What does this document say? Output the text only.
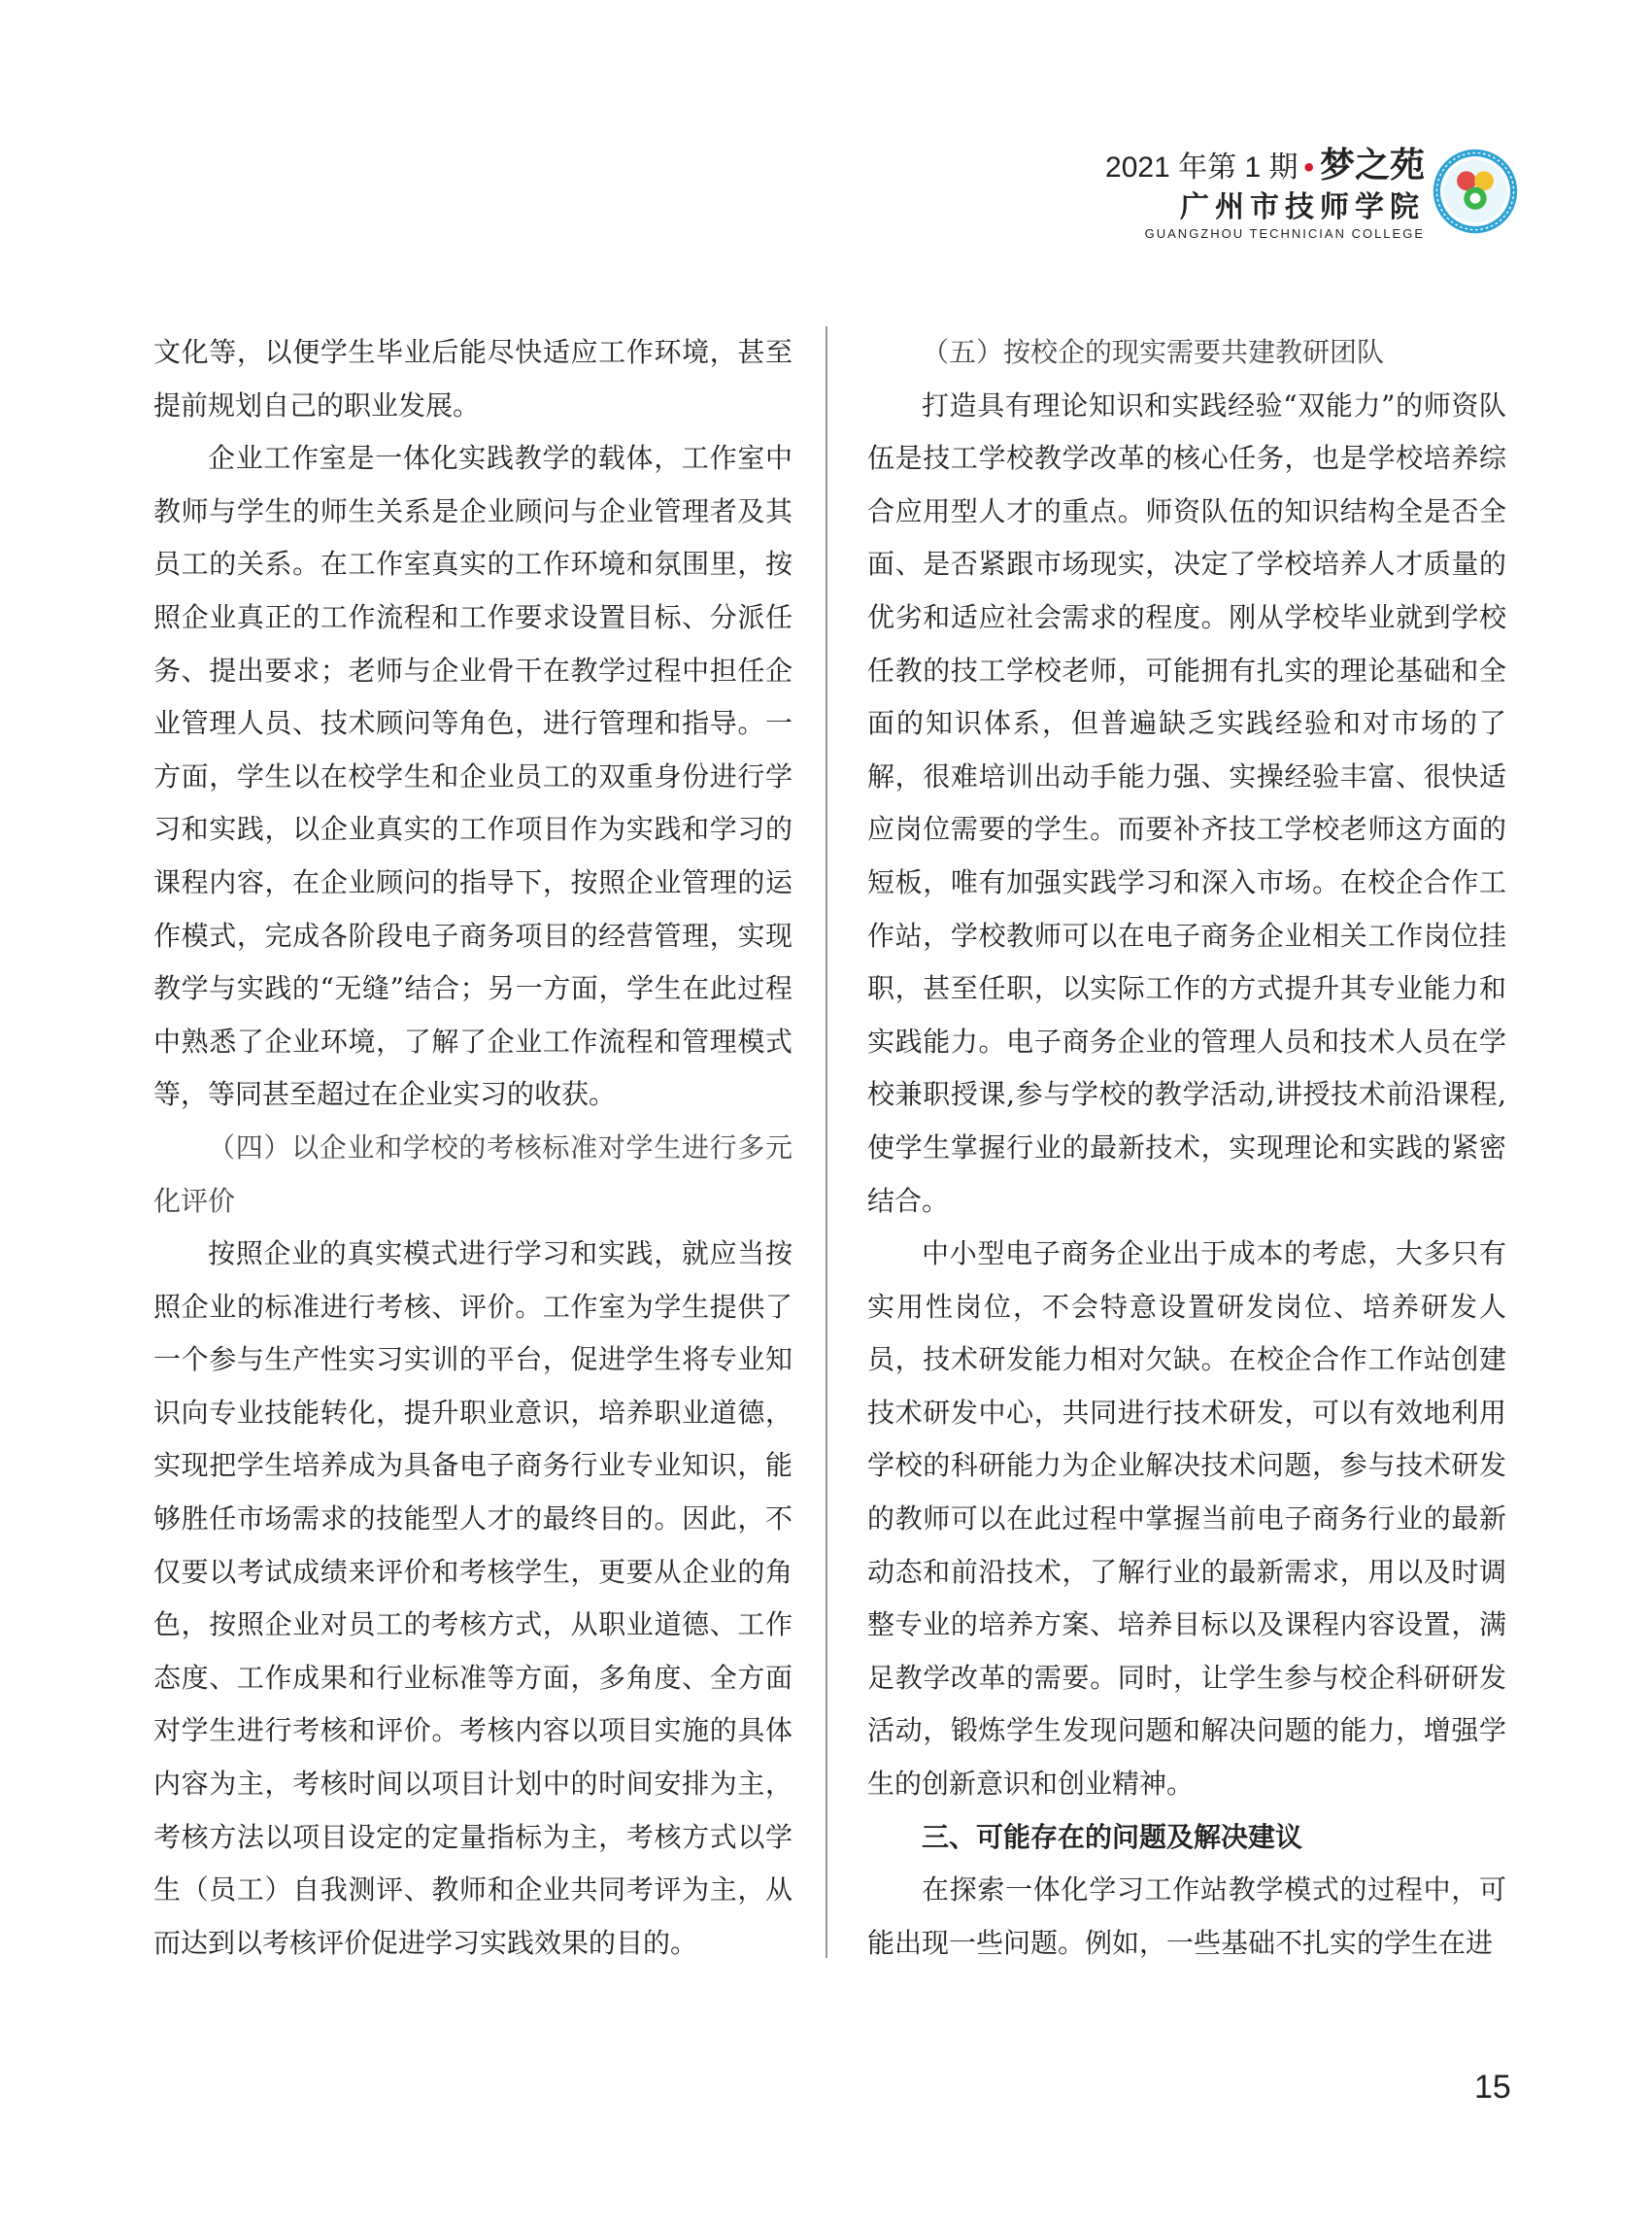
2021 年第 1 期 • 梦之苑
广州市技师学院
GUANGZHOU TECHNICIAN COLLEGE

文化等，以便学生毕业后能尽快适应工作环境，甚至提前规划自己的职业发展。

企业工作室是一体化实践教学的载体，工作室中教师与学生的师生关系是企业顾问与企业管理者及其员工的关系。在工作室真实的工作环境和氛围里，按照企业真正的工作流程和工作要求设置目标、分派任务、提出要求；老师与企业骨干在教学过程中担任企业管理人员、技术顾问等角色，进行管理和指导。一方面，学生以在校学生和企业员工的双重身份进行学习和实践，以企业真实的工作项目作为实践和学习的课程内容，在企业顾问的指导下，按照企业管理的运作模式，完成各阶段电子商务项目的经营管理，实现教学与实践的“无缝”结合；另一方面，学生在此过程中熟悉了企业环境，了解了企业工作流程和管理模式等，等同甚至超过在企业实习的收获。

（四）以企业和学校的考核标准对学生进行多元化评价

按照企业的真实模式进行学习和实践，就应当按照企业的标准进行考核、评价。工作室为学生提供了一个参与生产性实习实训的平台，促进学生将专业知识向专业技能转化，提升职业意识，培养职业道德，实现把学生培养成为具备电子商务行业专业知识，能够胜任市场需求的技能型人才的最终目的。因此，不仅要以考试成绩来评价和考核学生，更要从企业的角色，按照企业对员工的考核方式，从职业道德、工作态度、工作成果和行业标准等方面，多角度、全方面对学生进行考核和评价。考核内容以项目实施的具体内容为主，考核时间以项目计划中的时间安排为主，考核方法以项目设定的定量指标为主，考核方式以学生（员工）自我测评、教师和企业共同考评为主，从而达到以考核评价促进学习实践效果的目的。

（五）按校企的现实需要共建教研团队

打造具有理论知识和实践经验“双能力”的师资队伍是技工学校教学改革的核心任务，也是学校培养综合应用型人才的重点。师资队伍的知识结构全是否全面、是否紧跟市场现实，决定了学校培养人才质量的优劣和适应社会需求的程度。刚从学校毕业就到学校任教的技工学校老师，可能拥有扎实的理论基础和全面的知识体系，但普遍缺乏实践经验和对市场的了解，很难培训出动手能力强、实操经验丰富、很快适应岗位需要的学生。而要补齐技工学校老师这方面的短板，唯有加强实践学习和深入市场。在校企合作工作站，学校教师可以在电子商务企业相关工作岗位挂职，甚至任职，以实际工作的方式提升其专业能力和实践能力。电子商务企业的管理人员和技术人员在学校兼职授课,参与学校的教学活动,讲授技术前沿课程,使学生掌握行业的最新技术，实现理论和实践的紧密结合。

中小型电子商务企业出于成本的考虑，大多只有实用性岗位，不会特意设置研发岗位、培养研发人员，技术研发能力相对欠缺。在校企合作工作站创建技术研发中心，共同进行技术研发，可以有效地利用学校的科研能力为企业解决技术问题，参与技术研发的教师可以在此过程中掌握当前电子商务行业的最新动态和前沿技术，了解行业的最新需求，用以及时调整专业的培养方案、培养目标以及课程内容设置，满足教学改革的需要。同时，让学生参与校企科研研发活动，锻炼学生发现问题和解决问题的能力，增强学生的创新意识和创业精神。

三、可能存在的问题及解决建议

在探索一体化学习工作站教学模式的过程中，可能出现一些问题。例如，一些基础不扎实的学生在进

15
